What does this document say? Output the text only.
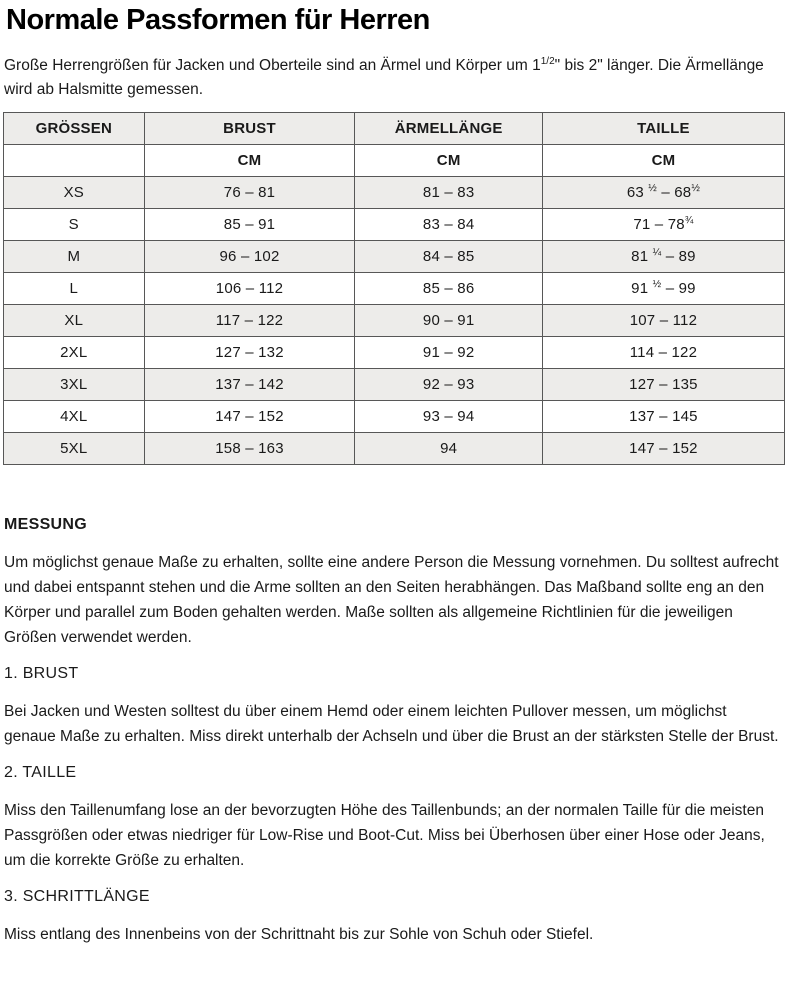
Normale Passformen für Herren

Große Herrengrößen für Jacken und Oberteile sind an Ärmel und Körper um $1^{1/2}$" bis 2" länger. Die Ärmellänge wird ab Halsmitte gemessen.

GRÖSSEN	BRUST	ÄRMELLÄNGE	TAILLE
	CM	CM	CM
XS	76 – 81	81 – 83	63 $^{\frac{1}{2}} - 68^{\frac{1}{2}}$
S	85 – 91	83 – 84	$71 - 78^{\frac{3}{4}}$
M	96 – 102	84 – 85	81 $^{\frac{1}{4}}$ – 89
L	106 – 112	85 – 86	91 $^{\frac{1}{2}}$ – 99
XL	117 – 122	90 – 91	107 – 112
2XL	127 – 132	91 – 92	114 – 122
3XL	137 – 142	92 – 93	127 – 135
4XL	147 – 152	93 – 94	137 – 145
5XL	158 – 163	94	147 – 152
MESSUNG

Um möglichst genaue Maße zu erhalten, sollte eine andere Person die Messung vornehmen. Du solltest aufrecht und dabei entspannt stehen und die Arme sollten an den Seiten herabhängen. Das Maßband sollte eng an den Körper und parallel zum Boden gehalten werden. Maße sollten als allgemeine Richtlinien für die jeweiligen Größen verwendet werden.

1. BRUST

Bei Jacken und Westen solltest du über einem Hemd oder einem leichten Pullover messen, um möglichst genaue Maße zu erhalten. Miss direkt unterhalb der Achseln und über die Brust an der stärksten Stelle der Brust.

2. TAILLE

Miss den Taillenumfang lose an der bevorzugten Höhe des Taillenbunds; an der normalen Taille für die meisten Passgrößen oder etwas niedriger für Low-Rise und Boot-Cut. Miss bei Überhosen über einer Hose oder Jeans, um die korrekte Größe zu erhalten.

3. SCHRITTLÄNGE

Miss entlang des Innenbeins von der Schrittnaht bis zur Sohle von Schuh oder Stiefel.
